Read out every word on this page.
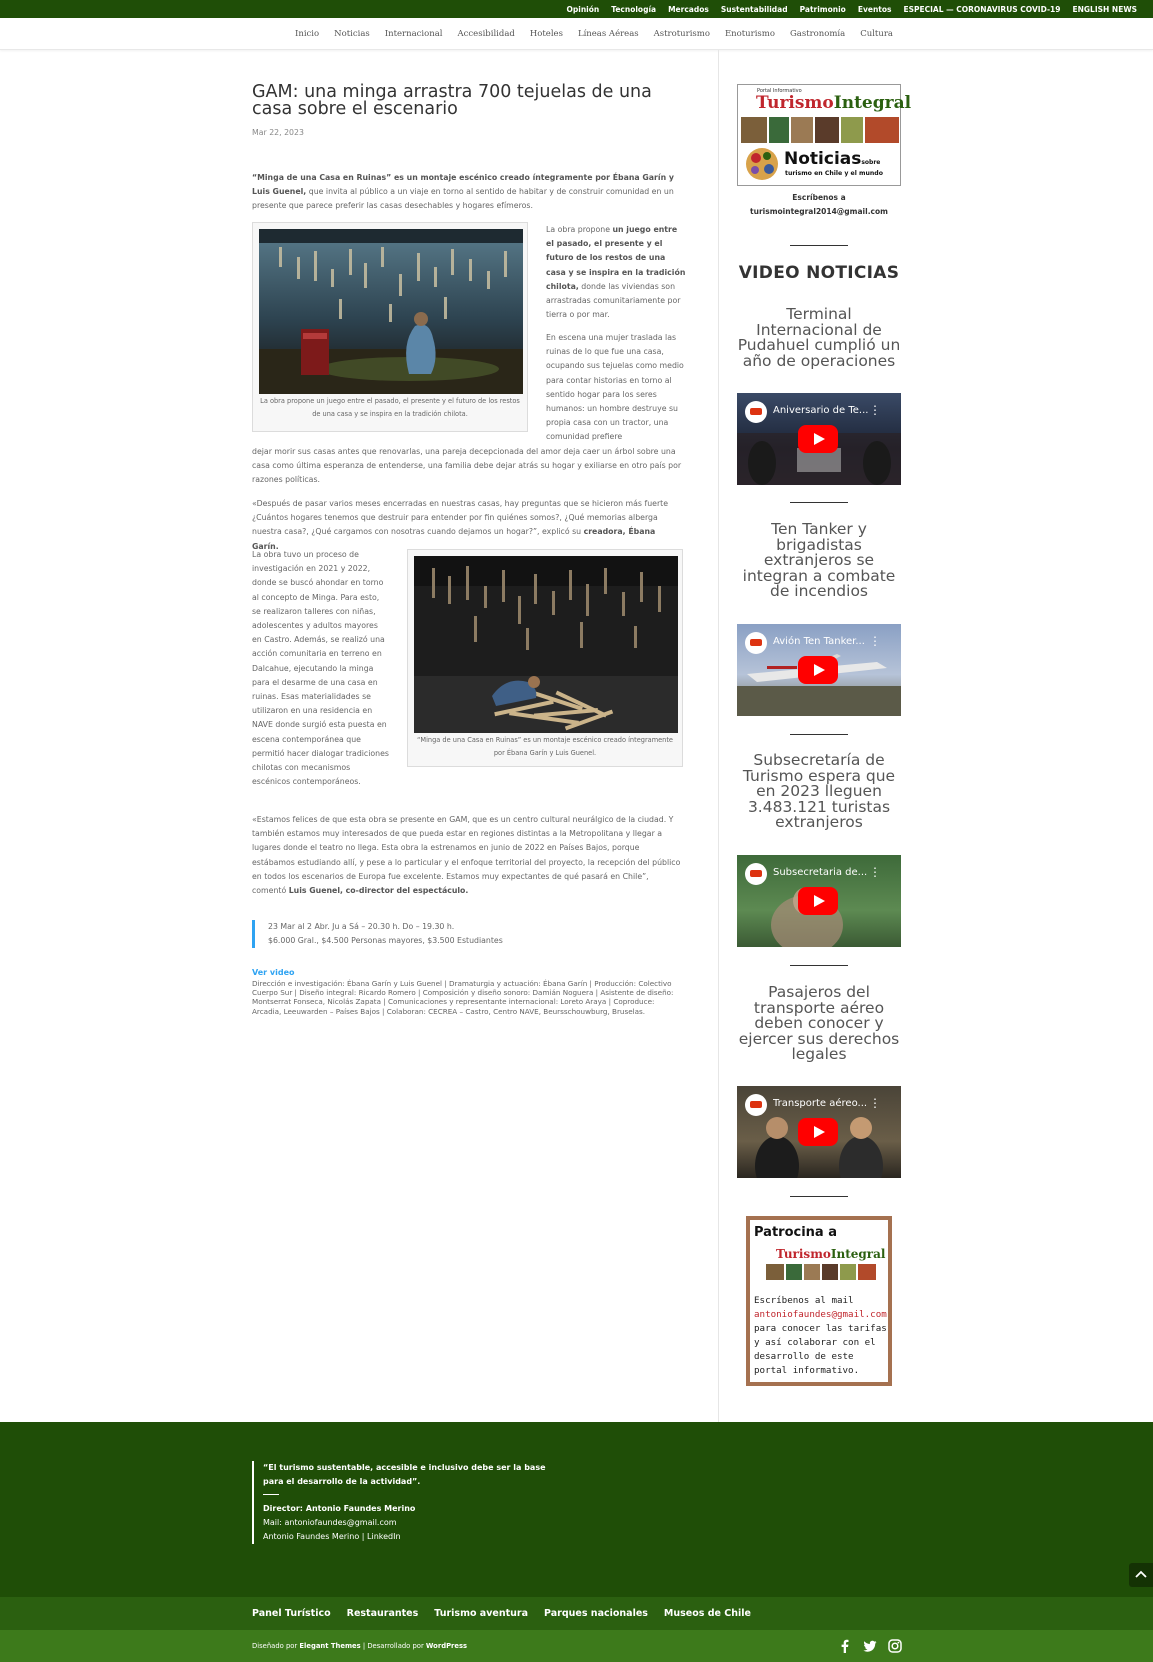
Opinión Tecnología Mercados Sustentabilidad Patrimonio Eventos ESPECIAL — CORONAVIRUS COVID-19 ENGLISH NEWS
Inicio Noticias Internacional Accesibilidad Hoteles Líneas Aéreas Astroturismo Enoturismo Gastronomía Cultura
GAM: una minga arrastra 700 tejuelas de una casa sobre el escenario
Mar 22, 2023
“Minga de una Casa en Ruinas” es un montaje escénico creado íntegramente por Ébana Garín y Luis Guenel, que invita al público a un viaje en torno al sentido de habitar y de construir comunidad en un presente que parece preferir las casas desechables y hogares efímeros.
La obra propone un juego entre el pasado, el presente y el futuro de los restos de una casa y se inspira en la tradición chilota.
La obra propone un juego entre el pasado, el presente y el futuro de los restos de una casa y se inspira en la tradición chilota, donde las viviendas son arrastradas comunitariamente por tierra o por mar.
En escena una mujer traslada las ruinas de lo que fue una casa, ocupando sus tejuelas como medio para contar historias en torno al sentido hogar para los seres humanos: un hombre destruye su propia casa con un tractor, una comunidad prefiere
dejar morir sus casas antes que renovarlas, una pareja decepcionada del amor deja caer un árbol sobre una casa como última esperanza de entenderse, una familia debe dejar atrás su hogar y exiliarse en otro país por razones políticas.
«Después de pasar varios meses encerradas en nuestras casas, hay preguntas que se hicieron más fuerte ¿Cuántos hogares tenemos que destruir para entender por fin quiénes somos?, ¿Qué memorias alberga nuestra casa?, ¿Qué cargamos con nosotras cuando dejamos un hogar?”, explicó su creadora, Ébana Garín.
“Minga de una Casa en Ruinas” es un montaje escénico creado íntegramente por Ébana Garín y Luis Guenel.
La obra tuvo un proceso de investigación en 2021 y 2022, donde se buscó ahondar en torno al concepto de Minga. Para esto, se realizaron talleres con niñas, adolescentes y adultos mayores en Castro. Además, se realizó una acción comunitaria en terreno en Dalcahue, ejecutando la minga para el desarme de una casa en ruinas. Esas materialidades se utilizaron en una residencia en NAVE donde surgió esta puesta en escena contemporánea que permitió hacer dialogar tradiciones chilotas con mecanismos escénicos contemporáneos.
«Estamos felices de que esta obra se presente en GAM, que es un centro cultural neurálgico de la ciudad. Y también estamos muy interesados de que pueda estar en regiones distintas a la Metropolitana y llegar a lugares donde el teatro no llega. Esta obra la estrenamos en junio de 2022 en Países Bajos, porque estábamos estudiando allí, y pese a lo particular y el enfoque territorial del proyecto, la recepción del público en todos los escenarios de Europa fue excelente. Estamos muy expectantes de qué pasará en Chile”, comentó Luis Guenel, co-director del espectáculo.
23 Mar al 2 Abr. Ju a Sá – 20.30 h. Do – 19.30 h.
$6.000 Gral., $4.500 Personas mayores, $3.500 Estudiantes
Ver video
Dirección e investigación: Ébana Garín y Luis Guenel | Dramaturgia y actuación: Ébana Garín | Producción: Colectivo Cuerpo Sur | Diseño integral: Ricardo Romero | Composición y diseño sonoro: Damián Noguera | Asistente de diseño: Montserrat Fonseca, Nicolás Zapata | Comunicaciones y representante internacional: Loreto Araya | Coproduce: Arcadia, Leeuwarden – Países Bajos | Colaboran: CECREA – Castro, Centro NAVE, Beursschouwburg, Bruselas.
Portal Informativo
TurismoIntegral
Noticiassobre
turismo en Chile y el mundo
Escríbenos a
turismointegral2014@gmail.com
VIDEO NOTICIAS
Terminal Internacional de Pudahuel cumplió un año de operaciones
Aniversario de Te... ⋮
Ten Tanker y brigadistas extranjeros se integran a combate de incendios
Avión Ten Tanker... ⋮
Subsecretaría de Turismo espera que en 2023 lleguen 3.483.121 turistas extranjeros
Subsecretaria de... ⋮
Pasajeros del transporte aéreo deben conocer y ejercer sus derechos legales
Transporte aéreo... ⋮
Patrocina a
TurismoIntegral
Escríbenos al mail antoniofaundes@gmail.com para conocer las tarifas y así colaborar con el desarrollo de este portal informativo.
“El turismo sustentable, accesible e inclusivo debe ser la base para el desarrollo de la actividad”.
Director: Antonio Faundes Merino
Mail: antoniofaundes@gmail.com
Antonio Faundes Merino | LinkedIn
Panel Turístico Restaurantes Turismo aventura Parques nacionales Museos de Chile
Diseñado por Elegant Themes | Desarrollado por WordPress
